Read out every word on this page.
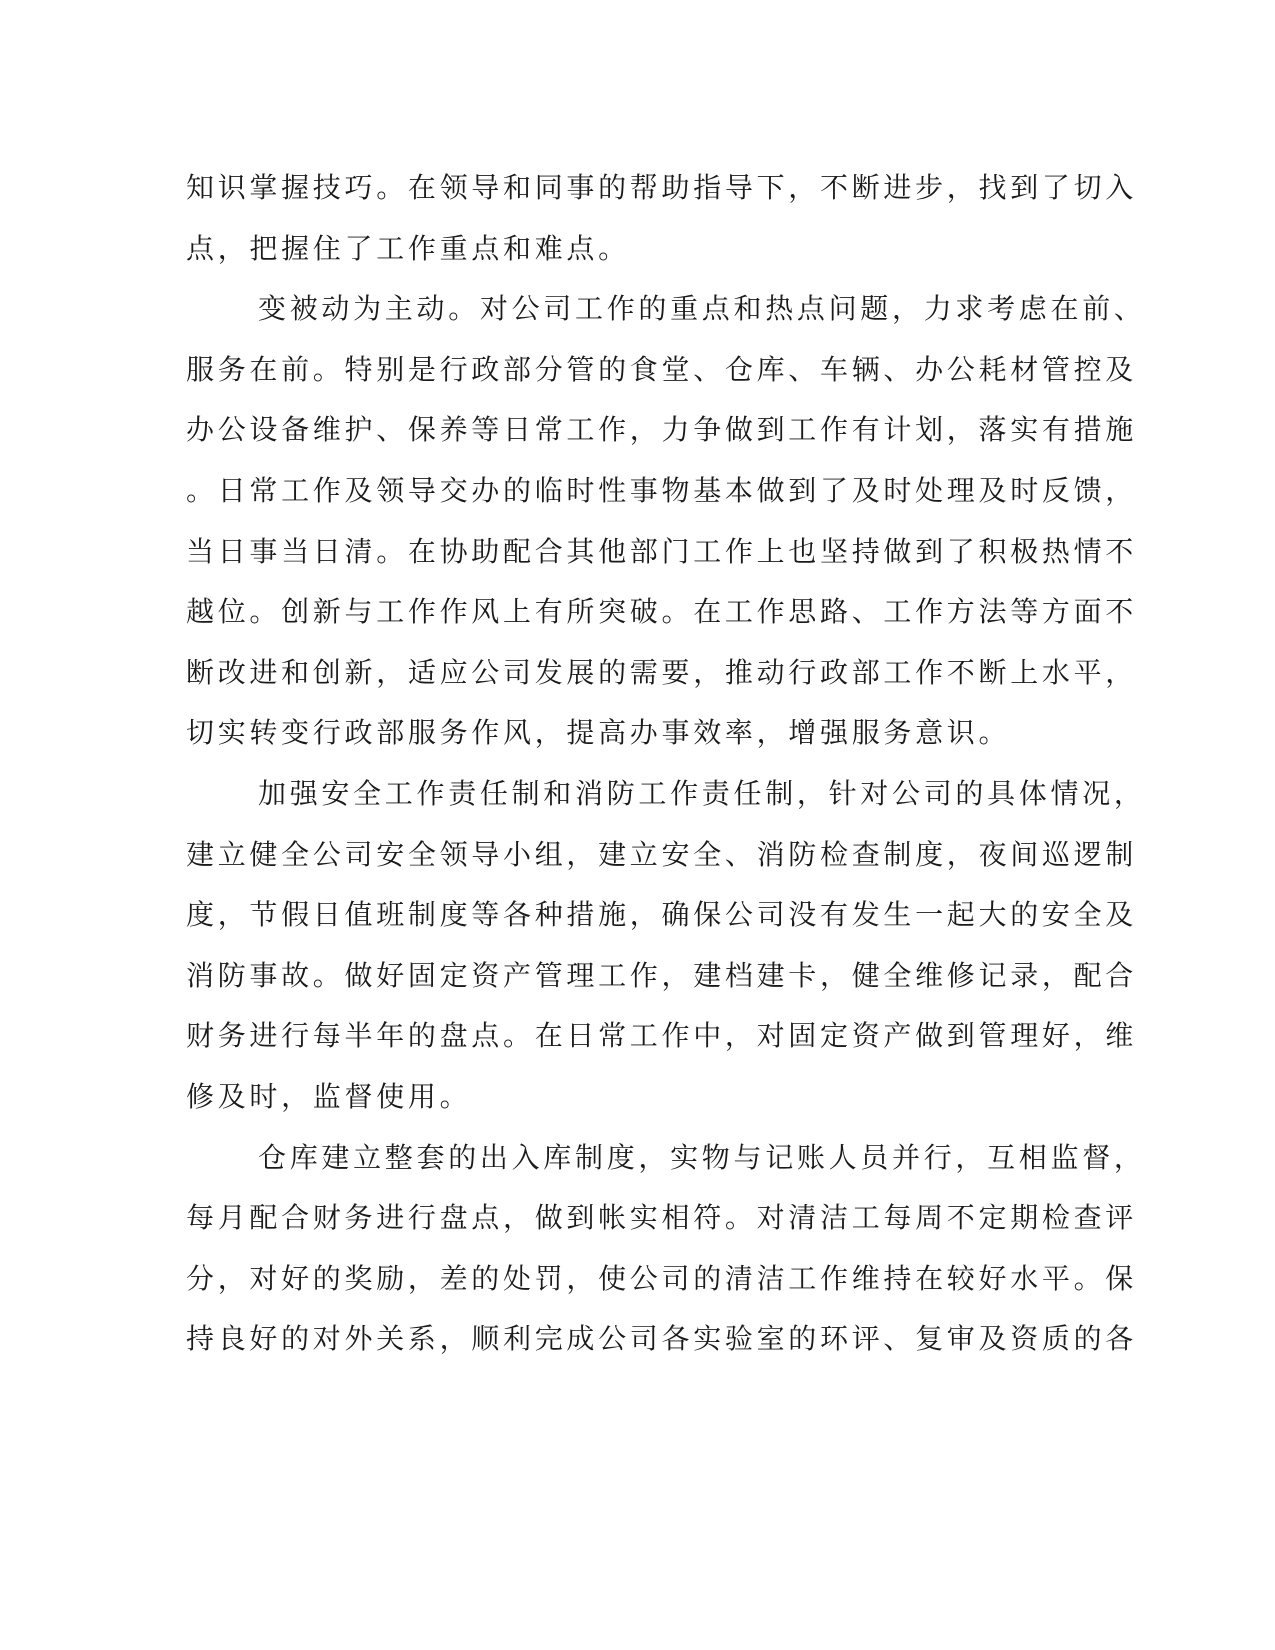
知识掌握技巧。在领导和同事的帮助指导下，不断进步，找到了切入
点，把握住了工作重点和难点。
变被动为主动。对公司工作的重点和热点问题，力求考虑在前、
服务在前。特别是行政部分管的食堂、仓库、车辆、办公耗材管控及
办公设备维护、保养等日常工作，力争做到工作有计划，落实有措施
。日常工作及领导交办的临时性事物基本做到了及时处理及时反馈，
当日事当日清。在协助配合其他部门工作上也坚持做到了积极热情不
越位。创新与工作作风上有所突破。在工作思路、工作方法等方面不
断改进和创新，适应公司发展的需要，推动行政部工作不断上水平，
切实转变行政部服务作风，提高办事效率，增强服务意识。
加强安全工作责任制和消防工作责任制，针对公司的具体情况，
建立健全公司安全领导小组，建立安全、消防检查制度，夜间巡逻制
度，节假日值班制度等各种措施，确保公司没有发生一起大的安全及
消防事故。做好固定资产管理工作，建档建卡，健全维修记录，配合
财务进行每半年的盘点。在日常工作中，对固定资产做到管理好，维
修及时，监督使用。
仓库建立整套的出入库制度，实物与记账人员并行，互相监督，
每月配合财务进行盘点，做到帐实相符。对清洁工每周不定期检查评
分，对好的奖励，差的处罚，使公司的清洁工作维持在较好水平。保
持良好的对外关系，顺利完成公司各实验室的环评、复审及资质的各
